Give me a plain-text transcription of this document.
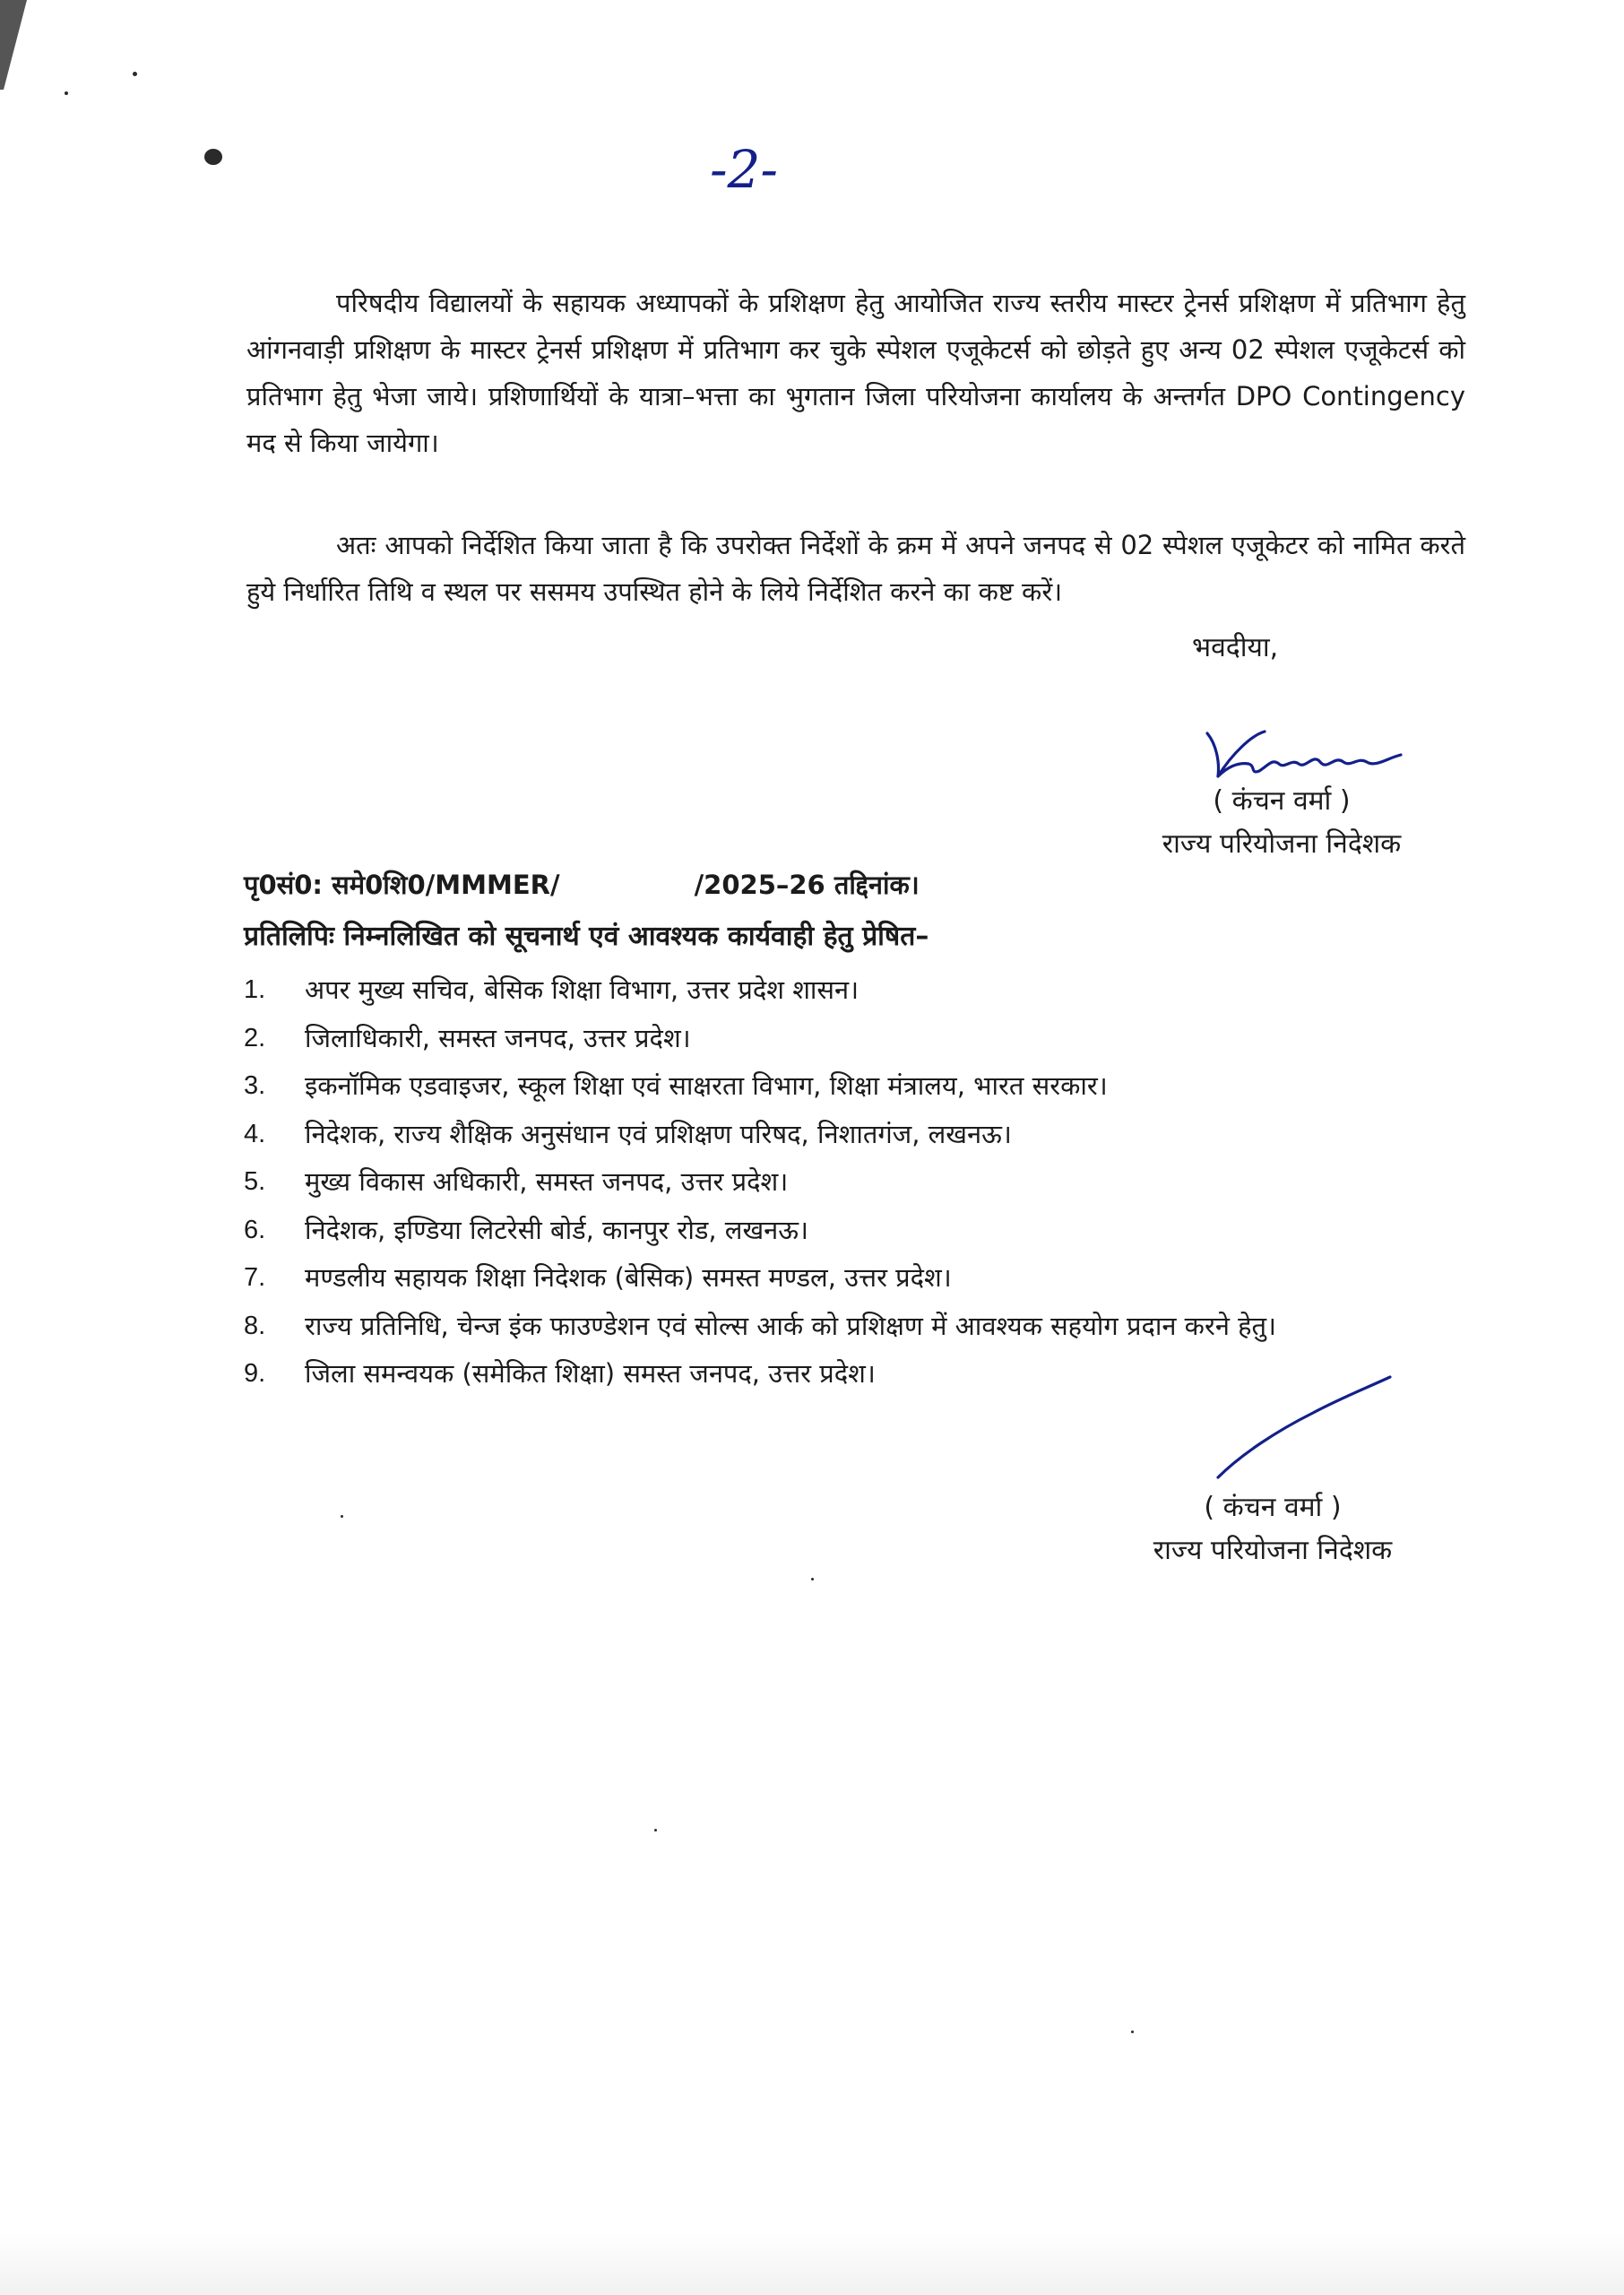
-2-

परिषदीय विद्यालयों के सहायक अध्यापकों के प्रशिक्षण हेतु आयोजित राज्य स्तरीय मास्टर ट्रेनर्स प्रशिक्षण में प्रतिभाग हेतु आंगनवाड़ी प्रशिक्षण के मास्टर ट्रेनर्स प्रशिक्षण में प्रतिभाग कर चुके स्पेशल एजूकेटर्स को छोड़ते हुए अन्य 02 स्पेशल एजूकेटर्स को प्रतिभाग हेतु भेजा जाये। प्रशिणार्थियों के यात्रा–भत्ता का भुगतान जिला परियोजना कार्यालय के अन्तर्गत DPO Contingency मद से किया जायेगा।

अतः आपको निर्देशित किया जाता है कि उपरोक्त निर्देशों के क्रम में अपने जनपद से 02 स्पेशल एजूकेटर को नामित करते हुये निर्धारित तिथि व स्थल पर ससमय उपस्थित होने के लिये निर्देशित करने का कष्ट करें।

भवदीया,
( कंचन वर्मा )
राज्य परियोजना निदेशक
पृ0सं0: समे0शि0/MMMER/	/2025–26 तद्दिनांक।
प्रतिलिपिः निम्नलिखित को सूचनार्थ एवं आवश्यक कार्यवाही हेतु प्रेषित–
1.	अपर मुख्य सचिव, बेसिक शिक्षा विभाग, उत्तर प्रदेश शासन।
2.	जिलाधिकारी, समस्त जनपद, उत्तर प्रदेश।
3.	इकनॉमिक एडवाइजर, स्कूल शिक्षा एवं साक्षरता विभाग, शिक्षा मंत्रालय, भारत सरकार।
4.	निदेशक, राज्य शैक्षिक अनुसंधान एवं प्रशिक्षण परिषद, निशातगंज, लखनऊ।
5.	मुख्य विकास अधिकारी, समस्त जनपद, उत्तर प्रदेश।
6.	निदेशक, इण्डिया लिटरेसी बोर्ड, कानपुर रोड, लखनऊ।
7.	मण्डलीय सहायक शिक्षा निदेशक (बेसिक) समस्त मण्डल, उत्तर प्रदेश।
8.	राज्य प्रतिनिधि, चेन्ज इंक फाउण्डेशन एवं सोल्स आर्क को प्रशिक्षण में आवश्यक सहयोग प्रदान करने हेतु।
9.	जिला समन्वयक (समेकित शिक्षा) समस्त जनपद, उत्तर प्रदेश।
( कंचन वर्मा )
राज्य परियोजना निदेशक
